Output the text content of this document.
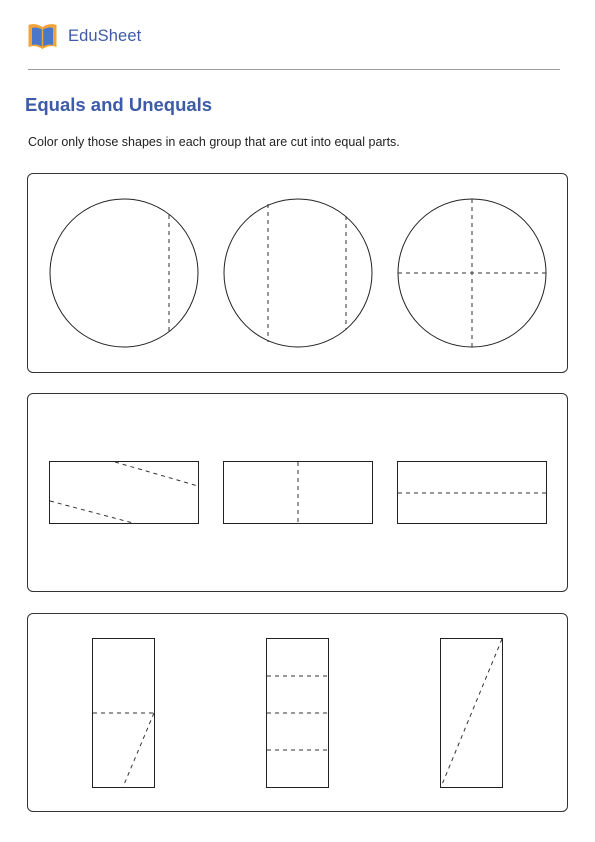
EduSheet
Equals and Unequals

Color only those shapes in each group that are cut into equal parts.
